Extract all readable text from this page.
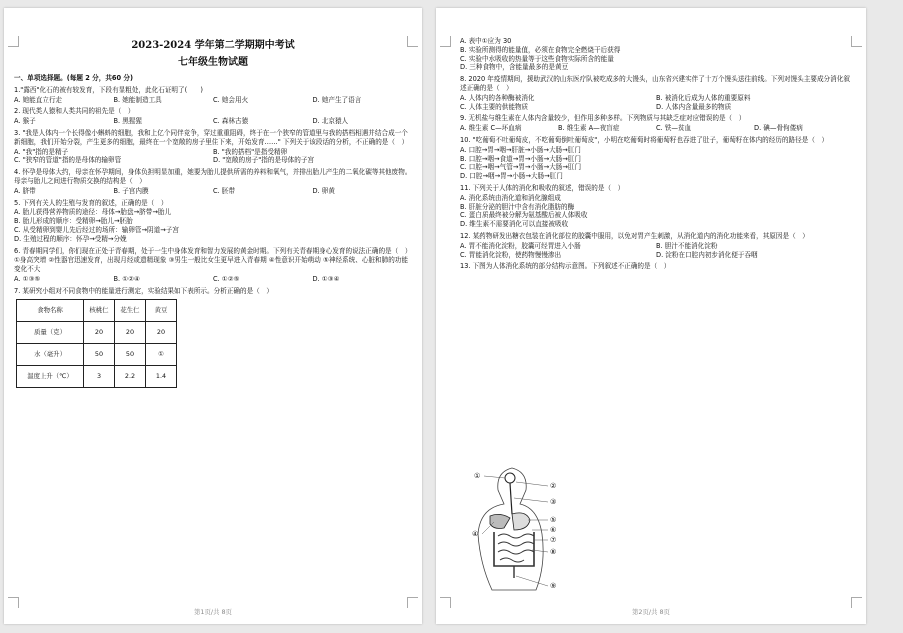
2023-2024 学年第二学期期中考试
七年级生物试题
一、单项选择题。(每题 2 分，共60 分)
1."露西"化石的被有较发育，下段有显粗处，此化石证明了(　　)
A. 她能直立行走	B. 她能制造工具	C. 她会用火	D. 她产生了语言
2. 现代类人猿和人类共同的祖先是（　）
A. 猴子	B. 黑猩猩	C. 森林古猿	D. 北京猿人
3. "我是人体内一个长得像小蝌蚪的细胞，我和上亿个同伴竞争，穿过重重阻碍，终于在一个狭窄的管道里与我的搭档相遇并结合成一个新细胞，我们开始分裂，产生更多的细胞，最终在一个宽敞的房子里住下来，开始发育……" 下列关于该段话的分析，不正确的是（　）
A. "我"指的是精子	B. "我的搭档"是指受精卵
C. "狭窄的管道"指的是母体的输卵管	D. "宽敞的房子"指的是母体的子宫
4. 怀孕是母体大约，母亲在怀孕期间，身体负担明显加重，她要为胎儿提供所需的养料和氧气，并排出胎儿产生的二氧化碳等其他废物。母亲与胎儿之间进行物质交换的结构是（　）
A. 脐带	B. 子宫内膜	C. 胚带	D. 卵黄
5. 下列有关人的生殖与发育的叙述，正确的是（　）
A. 胎儿获得营养物质的途径：母体→胎盘→脐带→胎儿
B. 胎儿形成的顺序：受精卵→胎儿→胚胎
C. 从受精卵到婴儿先后经过的场所：输卵管→阴道→子宫
D. 生殖过程的顺序：怀孕→受精→分娩
6. 青春期同学们，你们现在正处于青春期，处于一生中身体发育和智力发展的黄金时期。下列有关青春期身心发育的说法正确的是（　）
①身高突增 ②性器官迅速发育，出现月经或遗精现象 ③男生一般比女生更早进入青春期 ④性意识开始萌动 ⑤神经系统、心脏和肺的功能变化不大
A. ①③⑤	B. ①②④	C. ①②⑤	D. ①③④
7. 某研究小组对不同食物中的能量进行测定，实验结果如下表所示。分析正确的是（　）
食物名称	核桃仁	花生仁	黄豆
质量（克）	20	20	20
水（毫升）	50	50	①
温度上升（℃）	3	2.2	1.4
第1页/共 8页
A. 表中①应为 30
B. 实验所测得的能量值，必须在食物完全燃烧干后获得
C. 实验中水吸收的热量等于这些食物实际所含的能量
D. 三种食物中，含能量最多的是黄豆
8. 2020 年疫情期间，援助武汉的山东医疗队被吃成多的大馒头，山东省兴建实伴了十万个馒头送往前线。下列对馒头主要成分消化叙述正确的是（　）
A. 人体内的各种酶被消化	B. 被消化后成为人体的重要原料
C. 人体主要的供能物质	D. 人体内含量最多的物质
9. 无机盐与维生素在人体内含量较少，但作用多种多样。下列物质与其缺乏症对应错误的是（　）
A. 维生素 C—坏血病	B. 维生素 A—夜盲症	C. 铁—贫血	D. 碘—骨佝偻病
10. "吃葡萄不吐葡萄皮，不吃葡萄倒吐葡萄皮"，小明在吃葡萄时将葡萄籽也吞进了肚子，葡萄籽在体内的经历的路径是（　）
A. 口腔→胃→咽→肝脏→小肠→大肠→肛门
B. 口腔→咽→食道→胃→小肠→大肠→肛门
C. 口腔→咽→气管→胃→小肠→大肠→肛门
D. 口腔→咽→胃→小肠→大肠→肛门
11. 下列关于人体的消化和吸收的叙述，错误的是（　）
A. 消化系统由消化道和消化腺组成
B. 肝脏分泌的胆汁中含有消化脂肪的酶
C. 蛋白质最终被分解为氨基酸后被人体吸收
D. 维生素不需要消化可以直接被吸收
12. 某药物研发出糖衣包装在消化部位的胶囊中服用，以免对胃产生刺激，从消化道内的消化功能来看，其原因是（　）
A. 胃不能消化淀粉，胶囊可经胃进入小肠	B. 胆汁不能消化淀粉
C. 胃能消化淀粉，使药物慢慢渗出	D. 淀粉在口腔内初步消化便于吞咽
13. 下图为人体消化系统的部分结构示意图。下列叙述不正确的是（　）
①
②
③
④
⑤
⑥
⑦
⑧
⑨
第2页/共 8页
